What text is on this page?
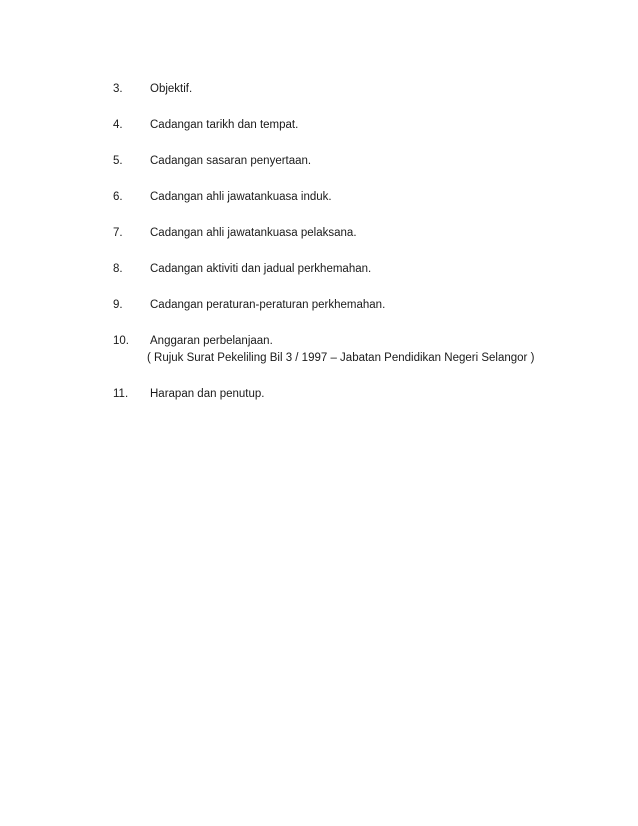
3.	Objektif.
4.	Cadangan tarikh dan tempat.
5.	Cadangan sasaran penyertaan.
6.	Cadangan ahli jawatankuasa induk.
7.	Cadangan ahli jawatankuasa pelaksana.
8.	Cadangan aktiviti dan jadual perkhemahan.
9.	Cadangan peraturan-peraturan perkhemahan.
10.	Anggaran perbelanjaan.
( Rujuk Surat Pekeliling Bil 3 / 1997 – Jabatan Pendidikan Negeri Selangor )
11.	Harapan dan penutup.
